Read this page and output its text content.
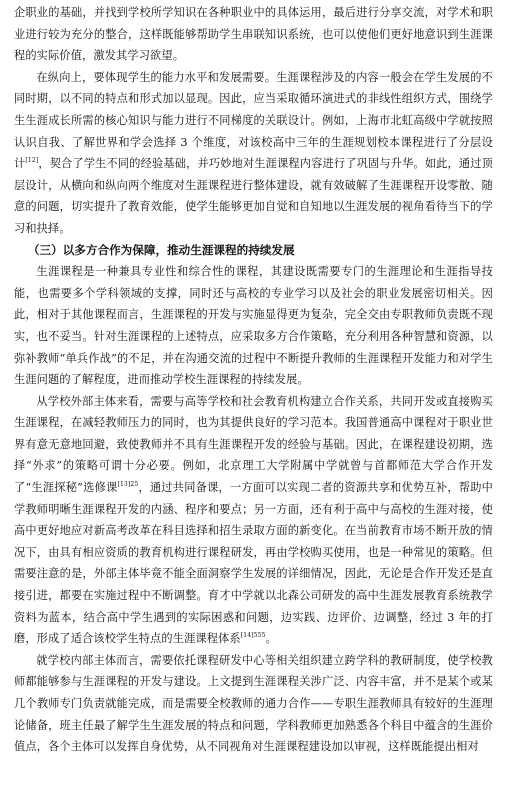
企职业的基础，并找到学校所学知识在各种职业中的具体运用，最后进行分享交流，对学术和职业进行较为充分的整合，这样既能够帮助学生串联知识系统，也可以使他们更好地意识到生涯课程的实际价值，激发其学习欲望。

在纵向上，要体现学生的能力水平和发展需要。生涯课程涉及的内容一般会在学生发展的不同时期，以不同的特点和形式加以显现。因此，应当采取循环演进式的非线性组织方式，围绕学生生涯成长所需的核心知识与能力进行不同梯度的关联设计。例如，上海市北虹高级中学就按照认识自我、了解世界和学会选择 3 个维度，对该校高中三年的生涯规划校本课程进行了分层设计[12]，契合了学生不同的经验基础，并巧妙地对生涯课程内容进行了巩固与升华。如此，通过顶层设计，从横向和纵向两个维度对生涯课程进行整体建设，就有效破解了生涯课程开设零散、随意的问题，切实提升了教育效能，使学生能够更加自觉和自知地以生涯发展的视角看待当下的学习和抉择。

（三）以多方合作为保障，推动生涯课程的持续发展

生涯课程是一种兼具专业性和综合性的课程，其建设既需要专门的生涯理论和生涯指导技能，也需要多个学科领域的支撑，同时还与高校的专业学习以及社会的职业发展密切相关。因此，相对于其他课程而言，生涯课程的开发与实施显得更为复杂，完全交由专职教师负责既不现实，也不妥当。针对生涯课程的上述特点，应采取多方合作策略，充分利用各种智慧和资源，以弥补教师“单兵作战”的不足，并在沟通交流的过程中不断提升教师的生涯课程开发能力和对学生生涯问题的了解程度，进而推动学校生涯课程的持续发展。

从学校外部主体来看，需要与高等学校和社会教育机构建立合作关系，共同开发或直接购买生涯课程，在减轻教师压力的同时，也为其提供良好的学习范本。我国普通高中课程对于职业世界有意无意地回避，致使教师并不具有生涯课程开发的经验与基础。因此，在课程建设初期，选择“外求”的策略可谓十分必要。例如，北京理工大学附属中学就曾与首都师范大学合作开发了“生涯探秘”选修课$^{[13]25}$，通过共同备课，一方面可以实现二者的资源共享和优势互补，帮助中学教师明晰生涯课程开发的内涵、程序和要点；另一方面，还有利于高中与高校的生涯对接，使高中更好地应对新高考改革在科目选择和招生录取方面的新变化。在当前教育市场不断开放的情况下，由具有相应资质的教育机构进行课程研发，再由学校购买使用，也是一种常见的策略。但需要注意的是，外部主体毕竟不能全面洞察学生发展的详细情况，因此，无论是合作开发还是直接引进，都要在实施过程中不断调整。育才中学就以北森公司研发的高中生涯发展教育系统教学资料为蓝本，结合高中学生遇到的实际困惑和问题，边实践、边评价、边调整，经过 3 年的打磨，形成了适合该校学生特点的生涯课程体系$^{[14]555}$。

就学校内部主体而言，需要依托课程研发中心等相关组织建立跨学科的教研制度，使学校教师都能够参与生涯课程的开发与建设。上文提到生涯课程关涉广泛、内容丰富，并不是某个或某几个教师专门负责就能完成，而是需要全校教师的通力合作——专职生涯教师具有较好的生涯理论储备，班主任最了解学生生涯发展的特点和问题，学科教师更加熟悉各个科目中蕴含的生涯价值点，各个主体可以发挥自身优势，从不同视角对生涯课程建设加以审视，这样既能提出相对
